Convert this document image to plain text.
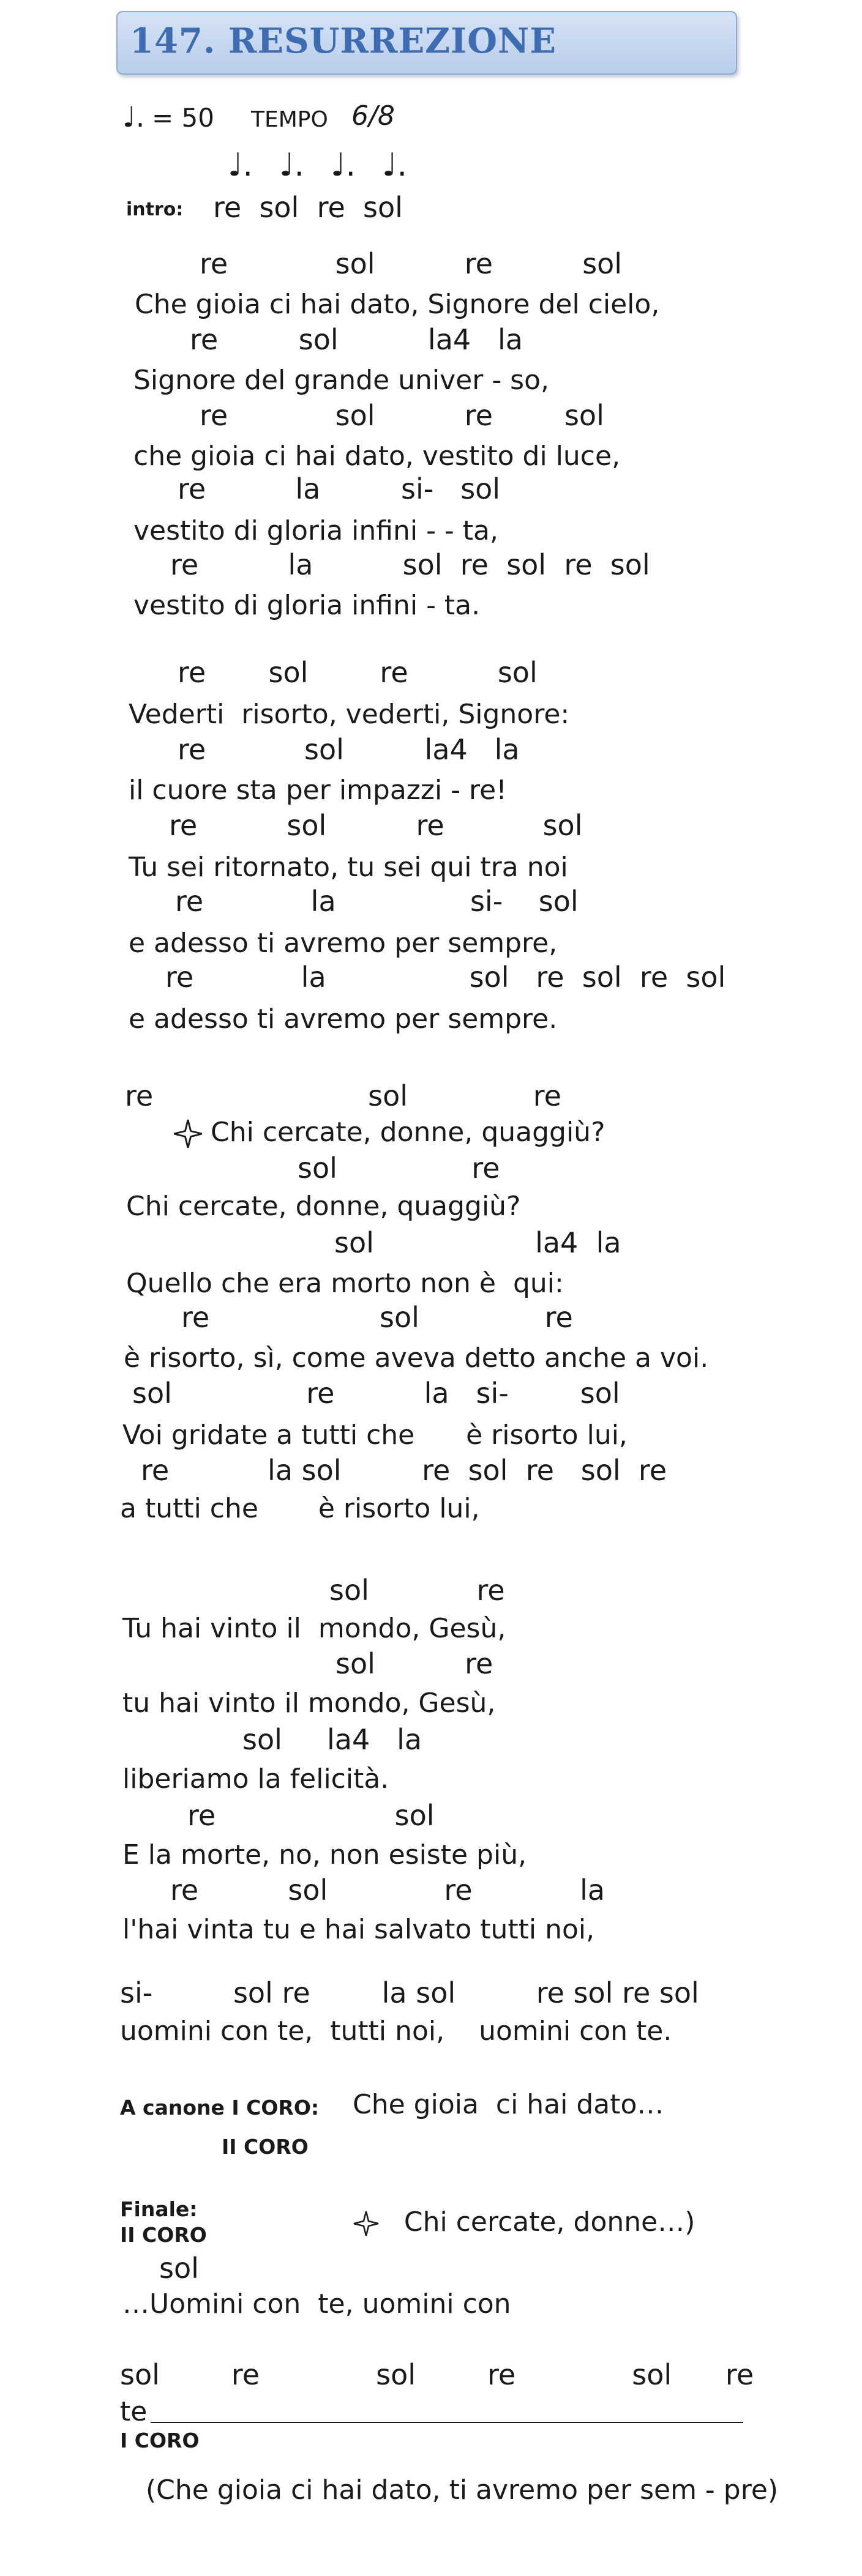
147. RESURREZIONE
♩. = 50 TEMPO 6/8
♩. ♩. ♩. ♩.
intro: re  sol  re  sol
re            sol          re          sol
Che gioia ci hai dato, Signore del cielo,
re         sol          la4   la
Signore del grande univer - so,
re            sol          re        sol
che gioia ci hai dato, vestito di luce,
re          la         si-   sol
vestito di gloria infini - - ta,
re          la          sol  re  sol  re  sol
vestito di gloria infini - ta.
re       sol        re          sol
Vederti  risorto, vederti, Signore:
re           sol         la4   la
il cuore sta per impazzi - re!
re          sol          re           sol
Tu sei ritornato, tu sei qui tra noi
re            la               si-    sol
e adesso ti avremo per sempre,
re            la                sol   re  sol  re  sol
e adesso ti avremo per sempre.
re                        sol              re
Chi cercate, donne, quaggiù?
sol               re
Chi cercate, donne, quaggiù?
sol                  la4  la
Quello che era morto non è  qui:
re                   sol              re
è risorto, sì, come aveva detto anche a voi.
sol               re          la   si-        sol
Voi gridate a tutti che      è risorto lui,
re           la sol         re  sol  re   sol  re
a tutti che       è risorto lui,
sol            re
Tu hai vinto il  mondo, Gesù,
sol          re
tu hai vinto il mondo, Gesù,
sol     la4   la
liberiamo la felicità.
re                    sol
E la morte, no, non esiste più,
re          sol             re            la
l'hai vinta tu e hai salvato tutti noi,
si-         sol re        la sol         re sol re sol
uomini con te,  tutti noi,    uomini con te.
A canone I CORO: Che gioia  ci hai dato…
II CORO

Chi cercate, donne…)

Finale:
II CORO
sol
…Uomini con  te, uomini con
sol        re             sol        re             sol      re
te
I CORO
(Che gioia ci hai dato, ti avremo per sem - pre)
